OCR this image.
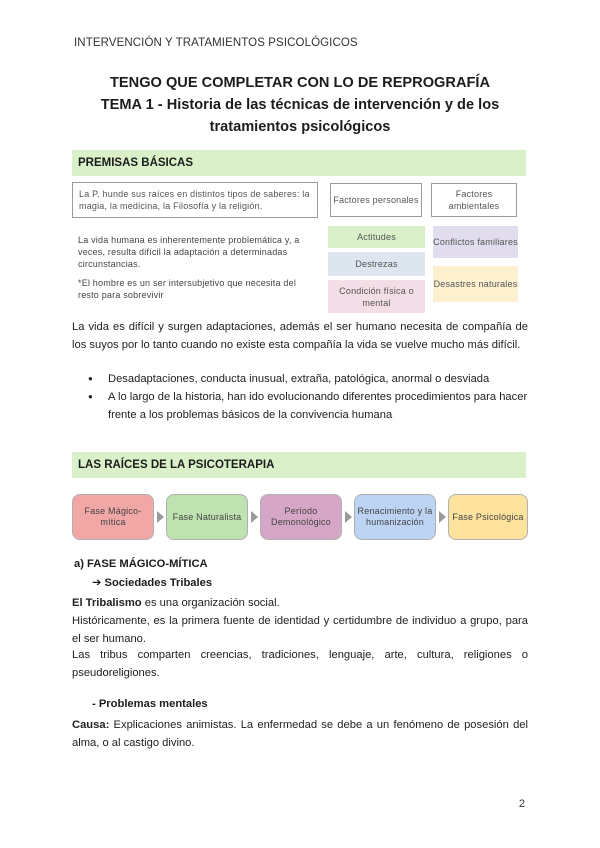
INTERVENCIÓN Y TRATAMIENTOS PSICOLÓGICOS
TENGO QUE COMPLETAR CON LO DE REPROGRAFÍA
TEMA 1 - Historia de las técnicas de intervención y de los
tratamientos psicológicos
PREMISAS BÁSICAS
La P. hunde sus raíces en distintos tipos de saberes: la magia, la medicina, la Filosofía y la religión.
La vida humana es inherentemente problemática y, a veces, resulta difícil la adaptación a determinadas circunstancias.
*El hombre es un ser intersubjetivo que necesita del resto para sobrevivir
Factores personales
Actitudes
Destrezas
Condición física o mental
Factores ambientales
Conflictos familiares
Desastres naturales
La vida es difícil y surgen adaptaciones, además el ser humano necesita de compañía de los suyos por lo tanto cuando no existe esta compañía la vida se vuelve mucho más difícil.
● Desadaptaciones, conducta inusual, extraña, patológica, anormal o desviada
● A lo largo de la historia, han ido evolucionando diferentes procedimientos para hacer frente a los problemas básicos de la convivencia humana
LAS RAÍCES DE LA PSICOTERAPIA
Fase Mágico-mítica
Fase Naturalista
Período Demonológico
Renacimiento y la humanización
Fase Psicológica
a) FASE MÁGICO-MÍTICA
➔ Sociedades Tribales
El Tribalismo es una organización social.
Históricamente, es la primera fuente de identidad y certidumbre de individuo a grupo, para el ser humano.
Las tribus comparten creencias, tradiciones, lenguaje, arte, cultura, religiones o pseudoreligiones.
- Problemas mentales
Causa: Explicaciones animistas. La enfermedad se debe a un fenómeno de posesión del alma, o al castigo divino.
2
